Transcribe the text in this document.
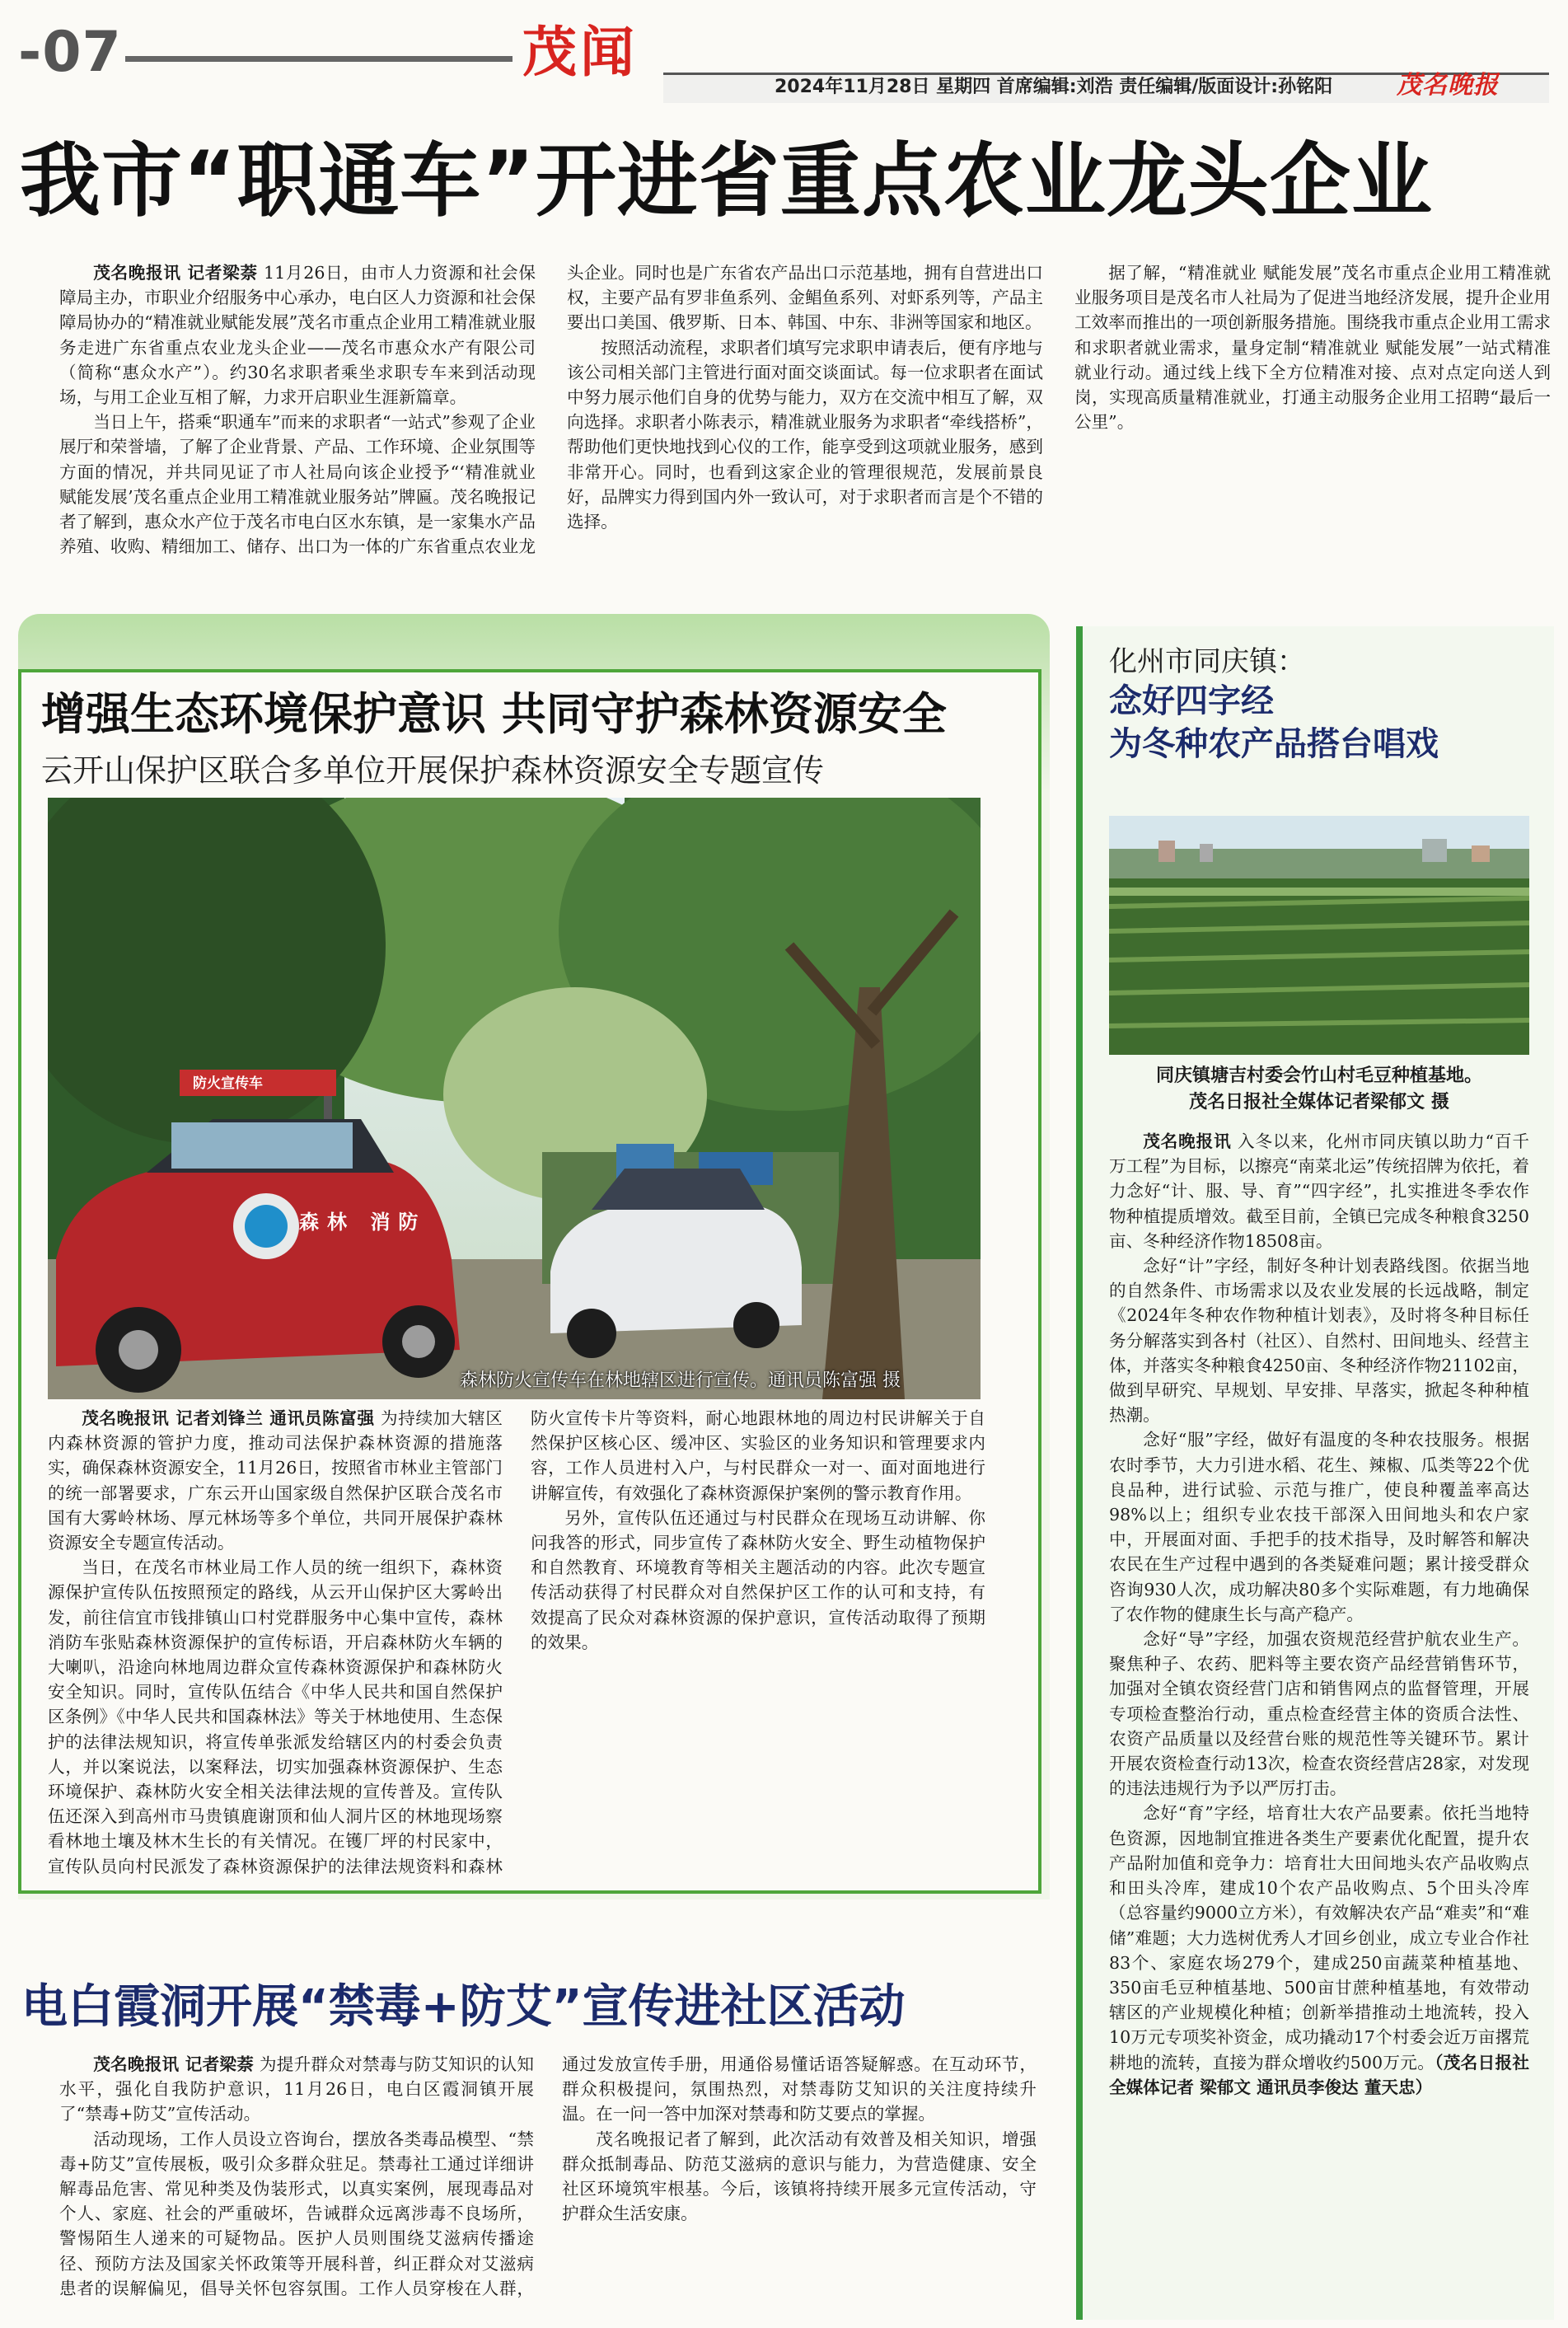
-07	茂闻
2024年11月28日 星期四 首席编辑:刘浩 责任编辑/版面设计:孙铭阳	茂名晚报
我市“职通车”开进省重点农业龙头企业

茂名晚报讯 记者梁萘 11月26日，由市人力资源和社会保障局主办，市职业介绍服务中心承办，电白区人力资源和社会保障局协办的“精准就业赋能发展”茂名市重点企业用工精准就业服务走进广东省重点农业龙头企业——茂名市惠众水产有限公司（简称“惠众水产”）。约30名求职者乘坐求职专车来到活动现场，与用工企业互相了解，力求开启职业生涯新篇章。

当日上午，搭乘“职通车”而来的求职者“一站式”参观了企业展厅和荣誉墙，了解了企业背景、产品、工作环境、企业氛围等方面的情况，并共同见证了市人社局向该企业授予“‘精准就业 赋能发展’茂名重点企业用工精准就业服务站”牌匾。茂名晚报记者了解到，惠众水产位于茂名市电白区水东镇，是一家集水产品养殖、收购、精细加工、储存、出口为一体的广东省重点农业龙头企业。同时也是广东省农产品出口示范基地，拥有自营进出口权，主要产品有罗非鱼系列、金鲳鱼系列、对虾系列等，产品主要出口美国、俄罗斯、日本、韩国、中东、非洲等国家和地区。

按照活动流程，求职者们填写完求职申请表后，便有序地与该公司相关部门主管进行面对面交谈面试。每一位求职者在面试中努力展示他们自身的优势与能力，双方在交流中相互了解，双向选择。求职者小陈表示，精准就业服务为求职者“牵线搭桥”，帮助他们更快地找到心仪的工作，能享受到这项就业服务，感到非常开心。同时，也看到这家企业的管理很规范，发展前景良好，品牌实力得到国内外一致认可，对于求职者而言是个不错的选择。

据了解，“精准就业 赋能发展”茂名市重点企业用工精准就业服务项目是茂名市人社局为了促进当地经济发展，提升企业用工效率而推出的一项创新服务措施。围绕我市重点企业用工需求和求职者就业需求，量身定制“精准就业 赋能发展”一站式精准就业行动。通过线上线下全方位精准对接、点对点定向送人到岗，实现高质量精准就业，打通主动服务企业用工招聘“最后一公里”。

增强生态环境保护意识 共同守护森林资源安全
云开山保护区联合多单位开展保护森林资源安全专题宣传
防火宣传车
森林 消防
森林防火宣传车在林地辖区进行宣传。通讯员陈富强 摄

茂名晚报讯 记者刘锋兰 通讯员陈富强 为持续加大辖区内森林资源的管护力度，推动司法保护森林资源的措施落实，确保森林资源安全，11月26日，按照省市林业主管部门的统一部署要求，广东云开山国家级自然保护区联合茂名市国有大雾岭林场、厚元林场等多个单位，共同开展保护森林资源安全专题宣传活动。

当日，在茂名市林业局工作人员的统一组织下，森林资源保护宣传队伍按照预定的路线，从云开山保护区大雾岭出发，前往信宜市钱排镇山口村党群服务中心集中宣传，森林消防车张贴森林资源保护的宣传标语，开启森林防火车辆的大喇叭，沿途向林地周边群众宣传森林资源保护和森林防火安全知识。同时，宣传队伍结合《中华人民共和国自然保护区条例》《中华人民共和国森林法》等关于林地使用、生态保护的法律法规知识，将宣传单张派发给辖区内的村委会负责人，并以案说法，以案释法，切实加强森林资源保护、生态环境保护、森林防火安全相关法律法规的宣传普及。宣传队伍还深入到高州市马贵镇鹿谢顶和仙人洞片区的林地现场察看林地土壤及林木生长的有关情况。在镬厂坪的村民家中，宣传队员向村民派发了森林资源保护的法律法规资料和森林防火宣传卡片等资料，耐心地跟林地的周边村民讲解关于自然保护区核心区、缓冲区、实验区的业务知识和管理要求内容，工作人员进村入户，与村民群众一对一、面对面地进行讲解宣传，有效强化了森林资源保护案例的警示教育作用。

另外，宣传队伍还通过与村民群众在现场互动讲解、你问我答的形式，同步宣传了森林防火安全、野生动植物保护和自然教育、环境教育等相关主题活动的内容。此次专题宣传活动获得了村民群众对自然保护区工作的认可和支持，有效提高了民众对森林资源的保护意识，宣传活动取得了预期的效果。

电白霞洞开展“禁毒+防艾”宣传进社区活动

茂名晚报讯 记者梁萘 为提升群众对禁毒与防艾知识的认知水平，强化自我防护意识，11月26日，电白区霞洞镇开展了“禁毒+防艾”宣传活动。

活动现场，工作人员设立咨询台，摆放各类毒品模型、“禁毒+防艾”宣传展板，吸引众多群众驻足。禁毒社工通过详细讲解毒品危害、常见种类及伪装形式，以真实案例，展现毒品对个人、家庭、社会的严重破坏，告诫群众远离涉毒不良场所，警惕陌生人递来的可疑物品。医护人员则围绕艾滋病传播途径、预防方法及国家关怀政策等开展科普，纠正群众对艾滋病患者的误解偏见，倡导关怀包容氛围。工作人员穿梭在人群，通过发放宣传手册，用通俗易懂话语答疑解惑。在互动环节，群众积极提问，氛围热烈，对禁毒防艾知识的关注度持续升温。在一问一答中加深对禁毒和防艾要点的掌握。

茂名晚报记者了解到，此次活动有效普及相关知识，增强群众抵制毒品、防范艾滋病的意识与能力，为营造健康、安全社区环境筑牢根基。今后，该镇将持续开展多元宣传活动，守护群众生活安康。

化州市同庆镇：
念好四字经
为冬种农产品搭台唱戏
同庆镇塘吉村委会竹山村毛豆种植基地。
茂名日报社全媒体记者梁郁文 摄

茂名晚报讯 入冬以来，化州市同庆镇以助力“百千万工程”为目标，以擦亮“南菜北运”传统招牌为依托，着力念好“计、服、导、育”“四字经”，扎实推进冬季农作物种植提质增效。截至目前，全镇已完成冬种粮食3250亩、冬种经济作物18508亩。

念好“计”字经，制好冬种计划表路线图。依据当地的自然条件、市场需求以及农业发展的长远战略，制定《2024年冬种农作物种植计划表》，及时将冬种目标任务分解落实到各村（社区）、自然村、田间地头、经营主体，并落实冬种粮食4250亩、冬种经济作物21102亩，做到早研究、早规划、早安排、早落实，掀起冬种种植热潮。

念好“服”字经，做好有温度的冬种农技服务。根据农时季节，大力引进水稻、花生、辣椒、瓜类等22个优良品种，进行试验、示范与推广，使良种覆盖率高达98%以上；组织专业农技干部深入田间地头和农户家中，开展面对面、手把手的技术指导，及时解答和解决农民在生产过程中遇到的各类疑难问题；累计接受群众咨询930人次，成功解决80多个实际难题，有力地确保了农作物的健康生长与高产稳产。

念好“导”字经，加强农资规范经营护航农业生产。聚焦种子、农药、肥料等主要农资产品经营销售环节，加强对全镇农资经营门店和销售网点的监督管理，开展专项检查整治行动，重点检查经营主体的资质合法性、农资产品质量以及经营台账的规范性等关键环节。累计开展农资检查行动13次，检查农资经营店28家，对发现的违法违规行为予以严厉打击。

念好“育”字经，培育壮大农产品要素。依托当地特色资源，因地制宜推进各类生产要素优化配置，提升农产品附加值和竞争力：培育壮大田间地头农产品收购点和田头冷库，建成10个农产品收购点、5个田头冷库（总容量约9000立方米），有效解决农产品“难卖”和“难储”难题；大力选树优秀人才回乡创业，成立专业合作社83个、家庭农场279个，建成250亩蔬菜种植基地、350亩毛豆种植基地、500亩甘蔗种植基地，有效带动辖区的产业规模化种植；创新举措推动土地流转，投入10万元专项奖补资金，成功撬动17个村委会近万亩撂荒耕地的流转，直接为群众增收约500万元。（茂名日报社全媒体记者 梁郁文 通讯员李俊达 董天忠）
